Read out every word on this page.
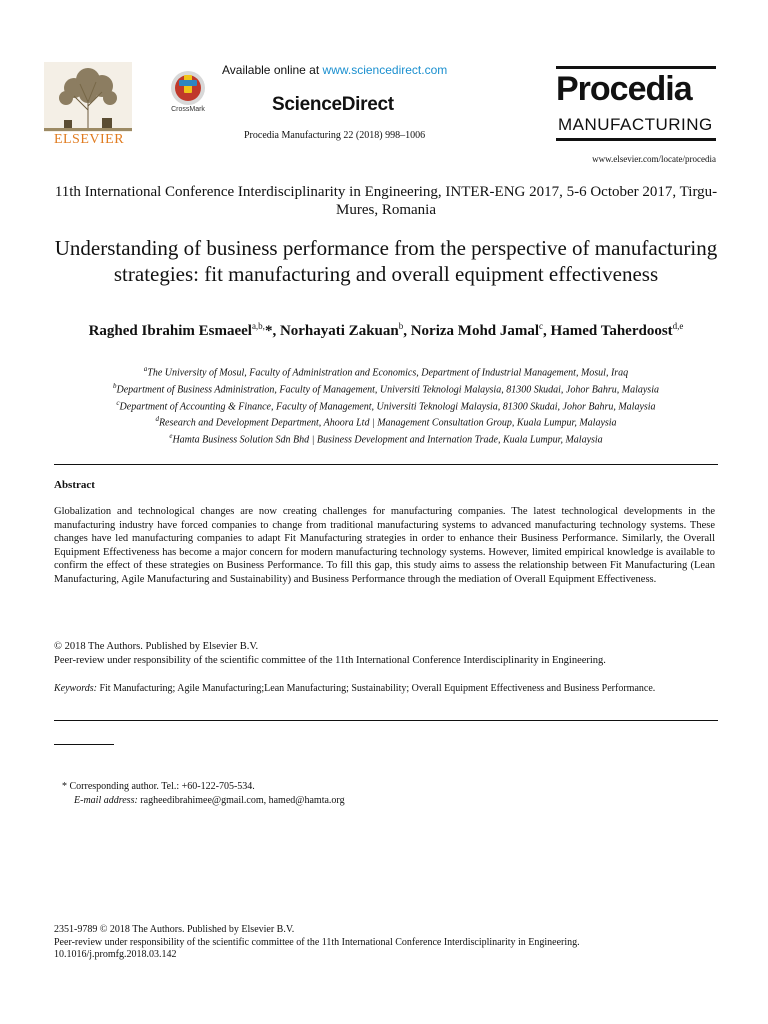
ELSEVIER
CrossMark
Available online at www.sciencedirect.com
ScienceDirect
Procedia Manufacturing 22 (2018) 998–1006
Procedia
MANUFACTURING
www.elsevier.com/locate/procedia
11th International Conference Interdisciplinarity in Engineering, INTER-ENG 2017, 5-6 October 2017, Tirgu-Mures, Romania
Understanding of business performance from the perspective of manufacturing strategies: fit manufacturing and overall equipment effectiveness
Raghed Ibrahim Esmaeel$^{a,b,}$*, Norhayati Zakuan$^b$, Noriza Mohd Jamal$^c$, Hamed Taherdoost$^{d,e}$
$^a$The University of Mosul, Faculty of Administration and Economics, Department of Industrial Management, Mosul, Iraq
$^b$Department of Business Administration, Faculty of Management, Universiti Teknologi Malaysia, 81300 Skudai, Johor Bahru, Malaysia
$^c$Department of Accounting & Finance, Faculty of Management, Universiti Teknologi Malaysia, 81300 Skudai, Johor Bahru, Malaysia
$^d$Research and Development Department, Ahoora Ltd | Management Consultation Group, Kuala Lumpur, Malaysia
$^e$Hamta Business Solution Sdn Bhd | Business Development and Internation Trade, Kuala Lumpur, Malaysia
Abstract
Globalization and technological changes are now creating challenges for manufacturing companies. The latest technological developments in the manufacturing industry have forced companies to change from traditional manufacturing systems to advanced manufacturing technology systems. These changes have led manufacturing companies to adapt Fit Manufacturing strategies in order to enhance their Business Performance. Similarly, the Overall Equipment Effectiveness has become a major concern for modern manufacturing technology systems. However, limited empirical knowledge is available to confirm the effect of these strategies on Business Performance. To fill this gap, this study aims to assess the relationship between Fit Manufacturing (Lean Manufacturing, Agile Manufacturing and Sustainability) and Business Performance through the mediation of Overall Equipment Effectiveness.
© 2018 The Authors. Published by Elsevier B.V.
Peer-review under responsibility of the scientific committee of the 11th International Conference Interdisciplinarity in Engineering.
Keywords: Fit Manufacturing; Agile Manufacturing;Lean Manufacturing; Sustainability; Overall Equipment Effectiveness and Business Performance.
* Corresponding author. Tel.: +60-122-705-534.
E-mail address: ragheedibrahimee@gmail.com, hamed@hamta.org
2351-9789 © 2018 The Authors. Published by Elsevier B.V.
Peer-review under responsibility of the scientific committee of the 11th International Conference Interdisciplinarity in Engineering.
10.1016/j.promfg.2018.03.142
